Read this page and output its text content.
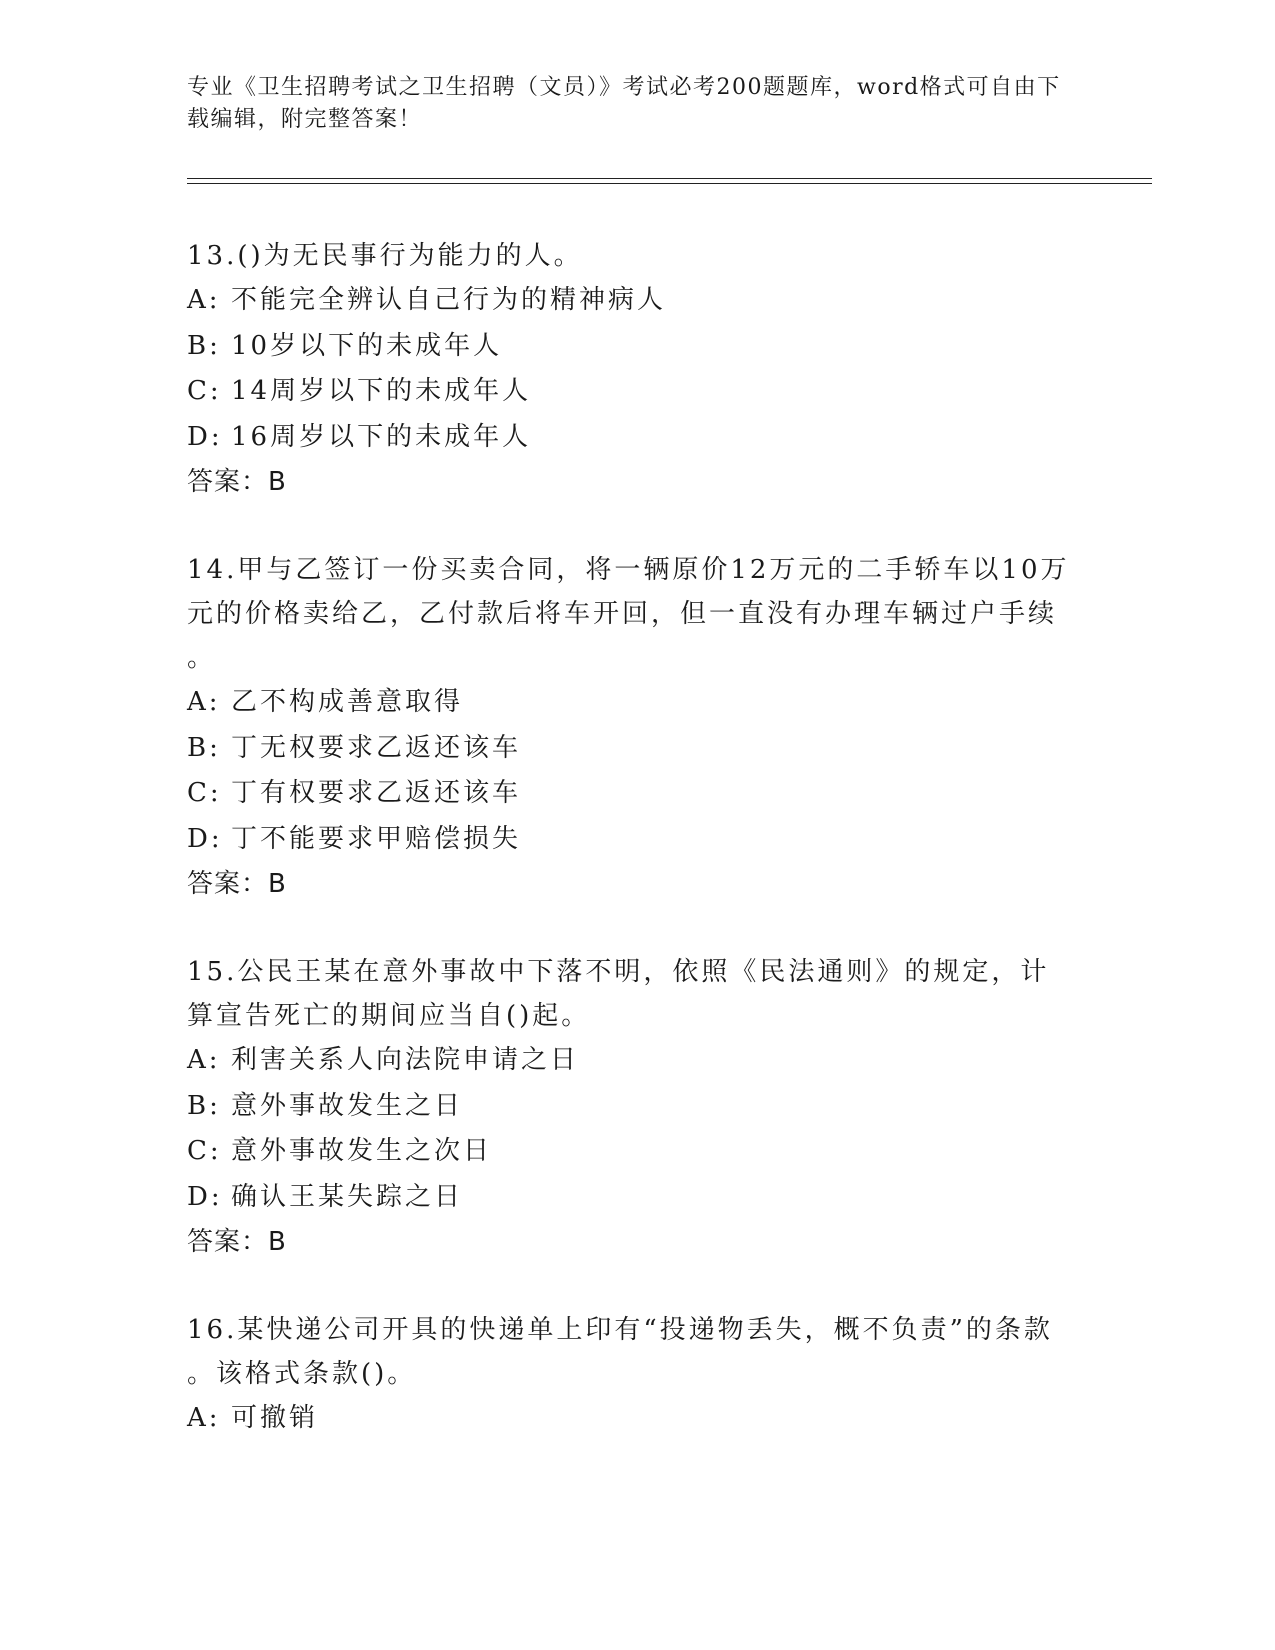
专业《卫生招聘考试之卫生招聘（文员）》考试必考200题题库，word格式可自由下载编辑，附完整答案！
13.()为无民事行为能力的人。
A: 不能完全辨认自己行为的精神病人
B: 10岁以下的未成年人
C: 14周岁以下的未成年人
D: 16周岁以下的未成年人
答案：B
14.甲与乙签订一份买卖合同，将一辆原价12万元的二手轿车以10万元的价格卖给乙，乙付款后将车开回，但一直没有办理车辆过户手续
。
A: 乙不构成善意取得
B: 丁无权要求乙返还该车
C: 丁有权要求乙返还该车
D: 丁不能要求甲赔偿损失
答案：B
15.公民王某在意外事故中下落不明，依照《民法通则》的规定，计算宣告死亡的期间应当自()起。
A: 利害关系人向法院申请之日
B: 意外事故发生之日
C: 意外事故发生之次日
D: 确认王某失踪之日
答案：B
16.某快递公司开具的快递单上印有“投递物丢失，概不负责”的条款
。该格式条款()。
A: 可撤销
